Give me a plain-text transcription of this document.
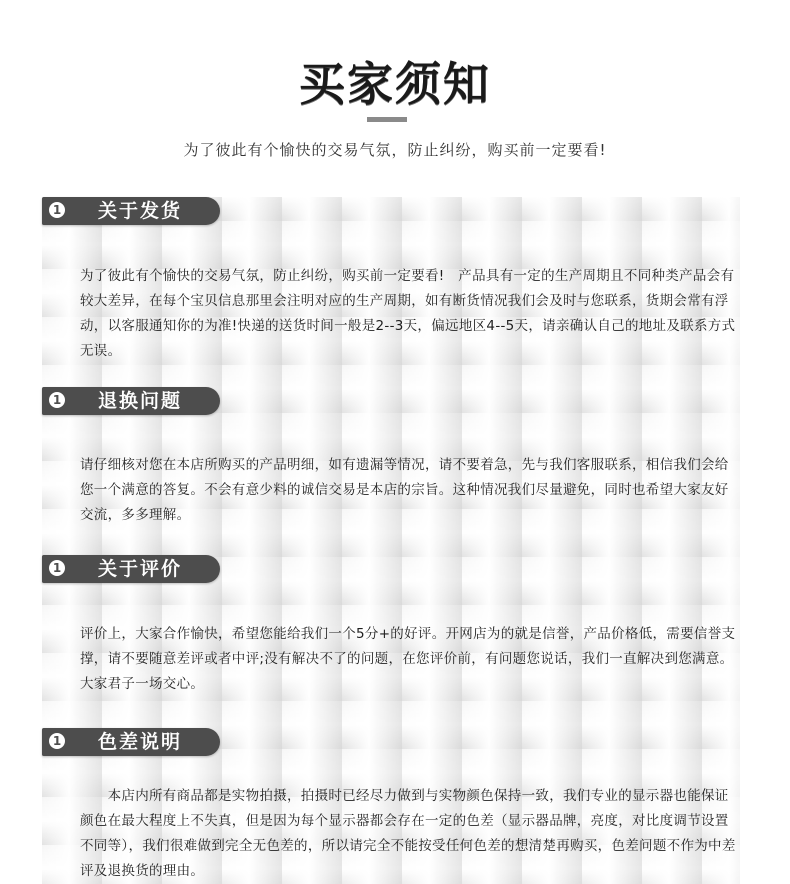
买家须知
为了彼此有个愉快的交易气氛，防止纠纷，购买前一定要看!
1 关于发货
为了彼此有个愉快的交易气氛，防止纠纷，购买前一定要看!　产品具有一定的生产周期且不同种类产品会有较大差异，在每个宝贝信息那里会注明对应的生产周期，如有断货情况我们会及时与您联系，货期会常有浮动，以客服通知你的为准!快递的送货时间一般是2--3天，偏远地区4--5天，请亲确认自己的地址及联系方式无误。
1 退换问题
请仔细核对您在本店所购买的产品明细，如有遗漏等情况，请不要着急，先与我们客服联系，相信我们会给您一个满意的答复。不会有意少料的诚信交易是本店的宗旨。这种情况我们尽量避免，同时也希望大家友好交流，多多理解。
1 关于评价
评价上，大家合作愉快，希望您能给我们一个5分+的好评。开网店为的就是信誉，产品价格低，需要信誉支撑，请不要随意差评或者中评;没有解决不了的问题，在您评价前，有问题您说话，我们一直解决到您满意。大家君子一场交心。
1 色差说明
　　本店内所有商品都是实物拍摄，拍摄时已经尽力做到与实物颜色保持一致，我们专业的显示器也能保证颜色在最大程度上不失真，但是因为每个显示器都会存在一定的色差（显示器品牌，亮度，对比度调节设置不同等），我们很难做到完全无色差的，所以请完全不能按受任何色差的想清楚再购买，色差问题不作为中差评及退换货的理由。
